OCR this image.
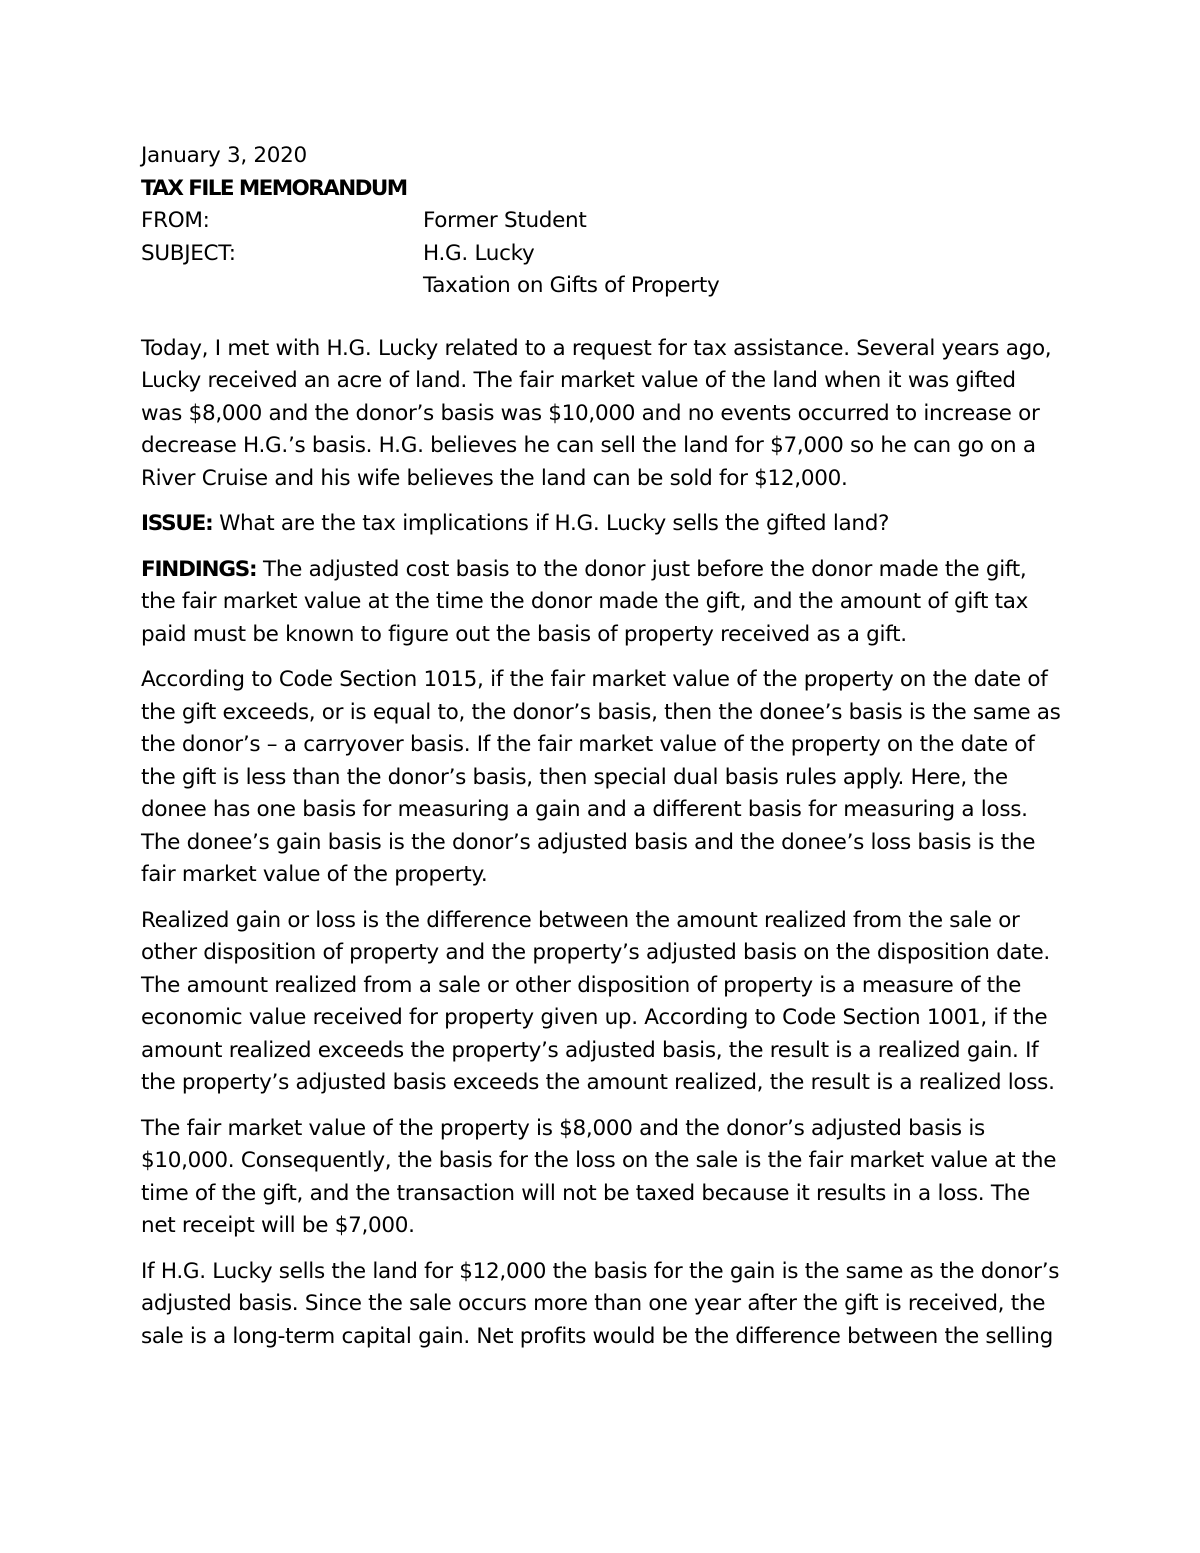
January 3, 2020

TAX FILE MEMORANDUM

FROM:	Former Student
SUBJECT:	H.G. Lucky
Taxation on Gifts of Property

Today, I met with H.G. Lucky related to a request for tax assistance. Several years ago, Lucky received an acre of land. The fair market value of the land when it was gifted was $8,000 and the donor’s basis was $10,000 and no events occurred to increase or decrease H.G.’s basis. H.G. believes he can sell the land for $7,000 so he can go on a River Cruise and his wife believes the land can be sold for $12,000.

ISSUE: What are the tax implications if H.G. Lucky sells the gifted land?

FINDINGS: The adjusted cost basis to the donor just before the donor made the gift, the fair market value at the time the donor made the gift, and the amount of gift tax paid must be known to figure out the basis of property received as a gift.

According to Code Section 1015, if the fair market value of the property on the date of the gift exceeds, or is equal to, the donor’s basis, then the donee’s basis is the same as the donor’s – a carryover basis. If the fair market value of the property on the date of the gift is less than the donor’s basis, then special dual basis rules apply. Here, the donee has one basis for measuring a gain and a different basis for measuring a loss. The donee’s gain basis is the donor’s adjusted basis and the donee’s loss basis is the fair market value of the property.

Realized gain or loss is the difference between the amount realized from the sale or other disposition of property and the property’s adjusted basis on the disposition date. The amount realized from a sale or other disposition of property is a measure of the economic value received for property given up. According to Code Section 1001, if the amount realized exceeds the property’s adjusted basis, the result is a realized gain. If the property’s adjusted basis exceeds the amount realized, the result is a realized loss.

The fair market value of the property is $8,000 and the donor’s adjusted basis is $10,000. Consequently, the basis for the loss on the sale is the fair market value at the time of the gift, and the transaction will not be taxed because it results in a loss. The net receipt will be $7,000.

If H.G. Lucky sells the land for $12,000 the basis for the gain is the same as the donor’s adjusted basis. Since the sale occurs more than one year after the gift is received, the sale is a long-term capital gain. Net profits would be the difference between the selling
